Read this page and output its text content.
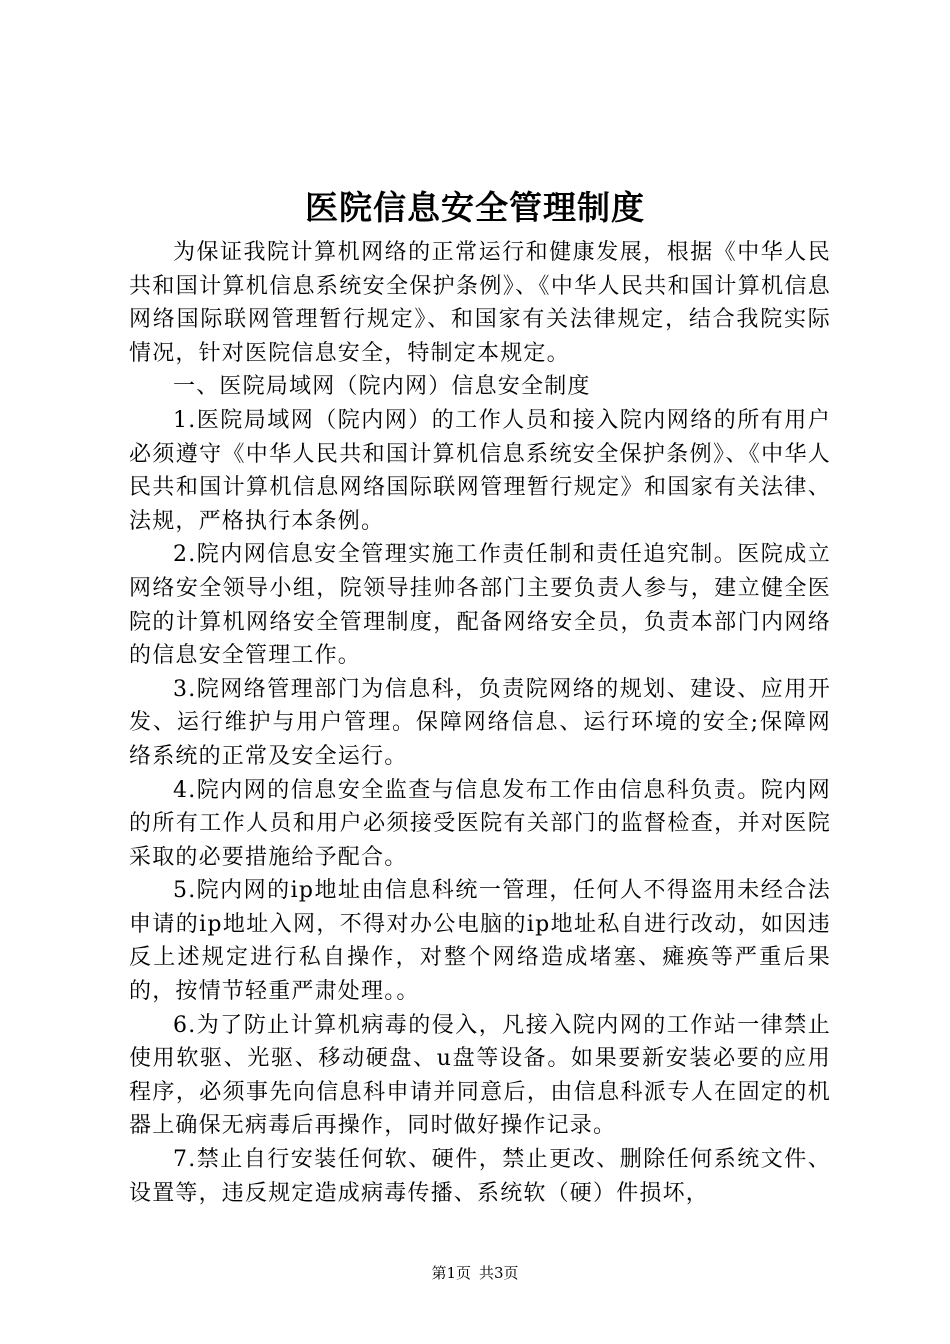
医院信息安全管理制度

为保证我院计算机网络的正常运行和健康发展，根据《中华人民共和国计算机信息系统安全保护条例》、《中华人民共和国计算机信息网络国际联网管理暂行规定》、和国家有关法律规定，结合我院实际情况，针对医院信息安全，特制定本规定。

一、医院局域网（院内网）信息安全制度

1.医院局域网（院内网）的工作人员和接入院内网络的所有用户必须遵守《中华人民共和国计算机信息系统安全保护条例》、《中华人民共和国计算机信息网络国际联网管理暂行规定》和国家有关法律、法规，严格执行本条例。

2.院内网信息安全管理实施工作责任制和责任追究制。医院成立网络安全领导小组，院领导挂帅各部门主要负责人参与，建立健全医院的计算机网络安全管理制度，配备网络安全员，负责本部门内网络的信息安全管理工作。

3.院网络管理部门为信息科，负责院网络的规划、建设、应用开发、运行维护与用户管理。保障网络信息、运行环境的安全;保障网络系统的正常及安全运行。

4.院内网的信息安全监查与信息发布工作由信息科负责。院内网的所有工作人员和用户必须接受医院有关部门的监督检查，并对医院采取的必要措施给予配合。

5.院内网的ip地址由信息科统一管理，任何人不得盗用未经合法申请的ip地址入网，不得对办公电脑的ip地址私自进行改动，如因违反上述规定进行私自操作，对整个网络造成堵塞、瘫痪等严重后果的，按情节轻重严肃处理。。

6.为了防止计算机病毒的侵入，凡接入院内网的工作站一律禁止使用软驱、光驱、移动硬盘、u盘等设备。如果要新安装必要的应用程序，必须事先向信息科申请并同意后，由信息科派专人在固定的机器上确保无病毒后再操作，同时做好操作记录。

7.禁止自行安装任何软、硬件，禁止更改、删除任何系统文件、设置等，违反规定造成病毒传播、系统软（硬）件损坏，

第1页 共3页
